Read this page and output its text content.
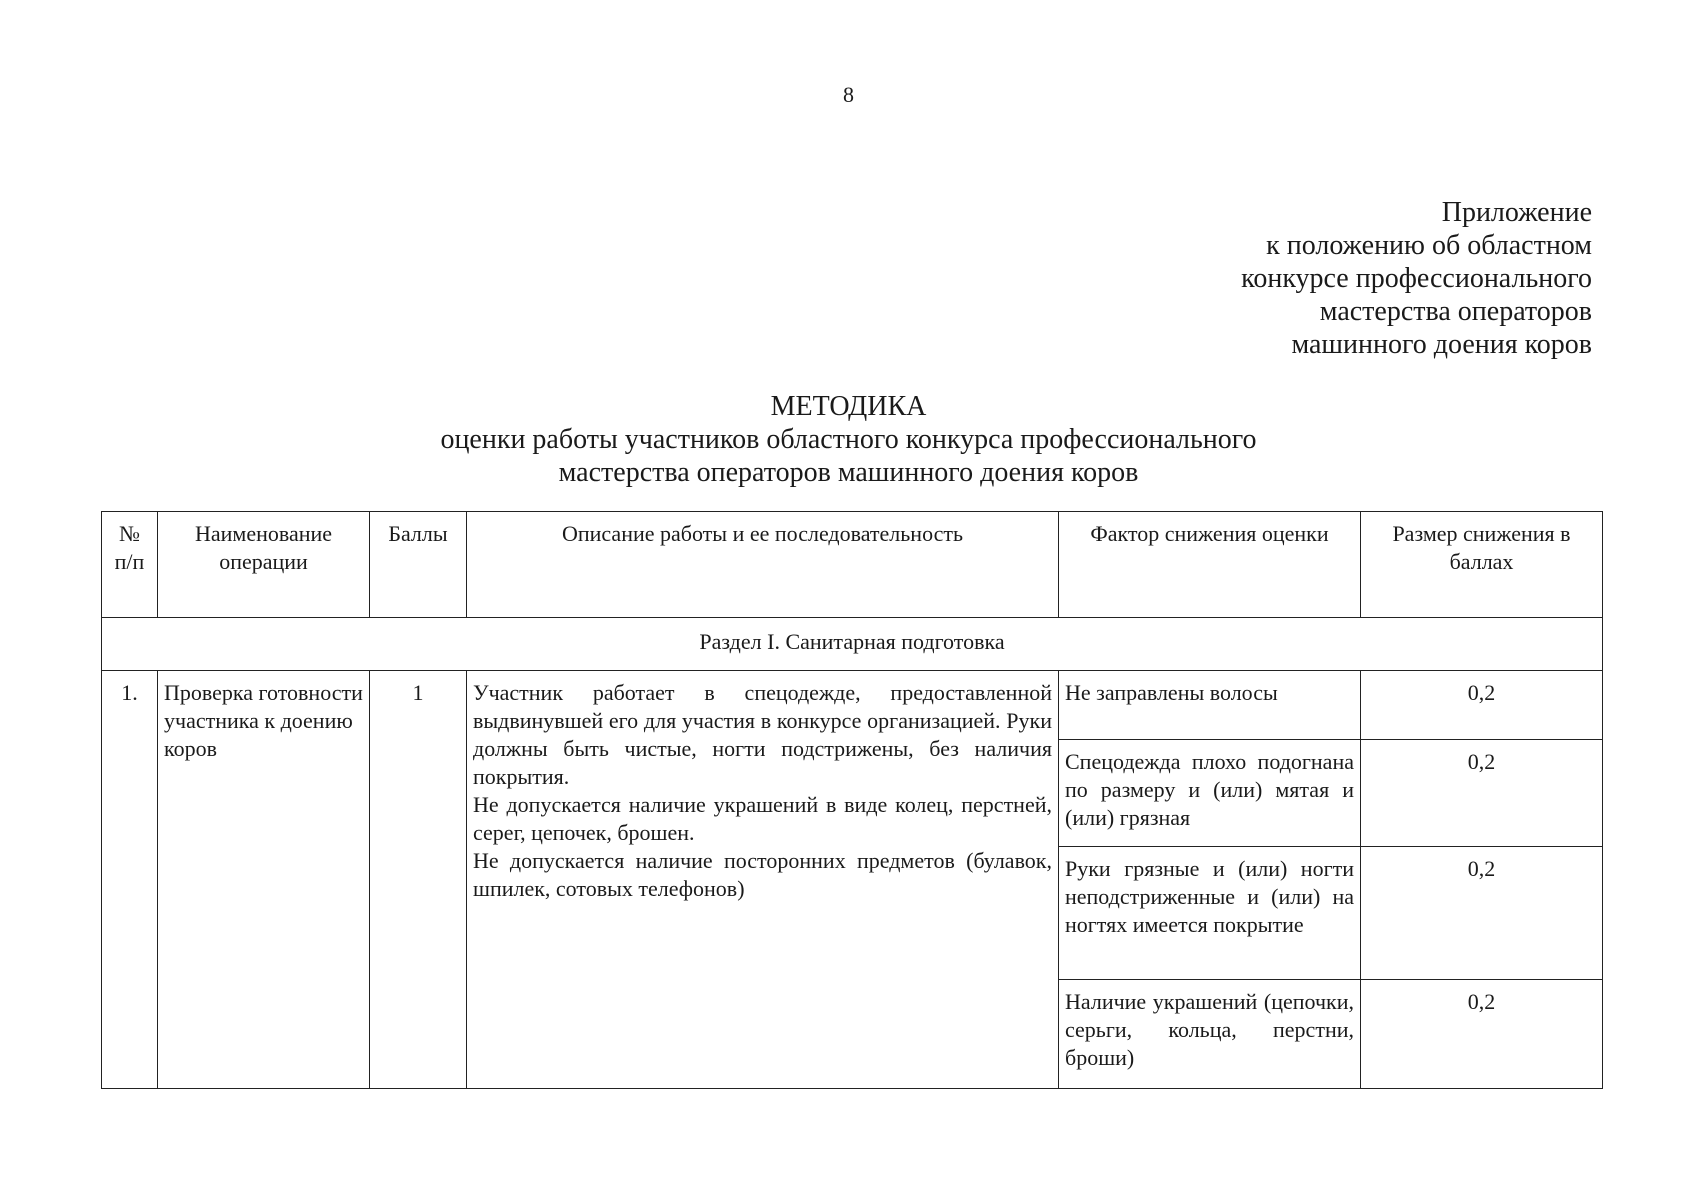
8
Приложение
к положению об областном
конкурсе профессионального
мастерства операторов
машинного доения коров
МЕТОДИКА
оценки работы участников областного конкурса профессионального
мастерства операторов машинного доения коров
№ п/п	Наименование операции	Баллы	Описание работы и ее последовательность	Фактор снижения оценки	Размер снижения в баллах
Раздел I. Санитарная подготовка					
1.	Проверка готовности участника к доению коров	1	Участник работает в спецодежде, предоставленной выдвинувшей его для участия в конкурсе организацией. Руки должны быть чистые, ногти подстрижены, без наличия покрытия.

Не допускается наличие украшений в виде колец, перстней, серег, цепочек, брошен.

Не допускается наличие посторонних предметов (булавок, шпилек, сотовых телефонов)	Не заправлены волосы	0,2
				Спецодежда плохо подогнана по размеру и (или) мятая и (или) грязная	0,2
				Руки грязные и (или) ногти неподстриженные и (или) на ногтях имеется покрытие	0,2
				Наличие украшений (цепочки, серьги, кольца, перстни, броши)	0,2
